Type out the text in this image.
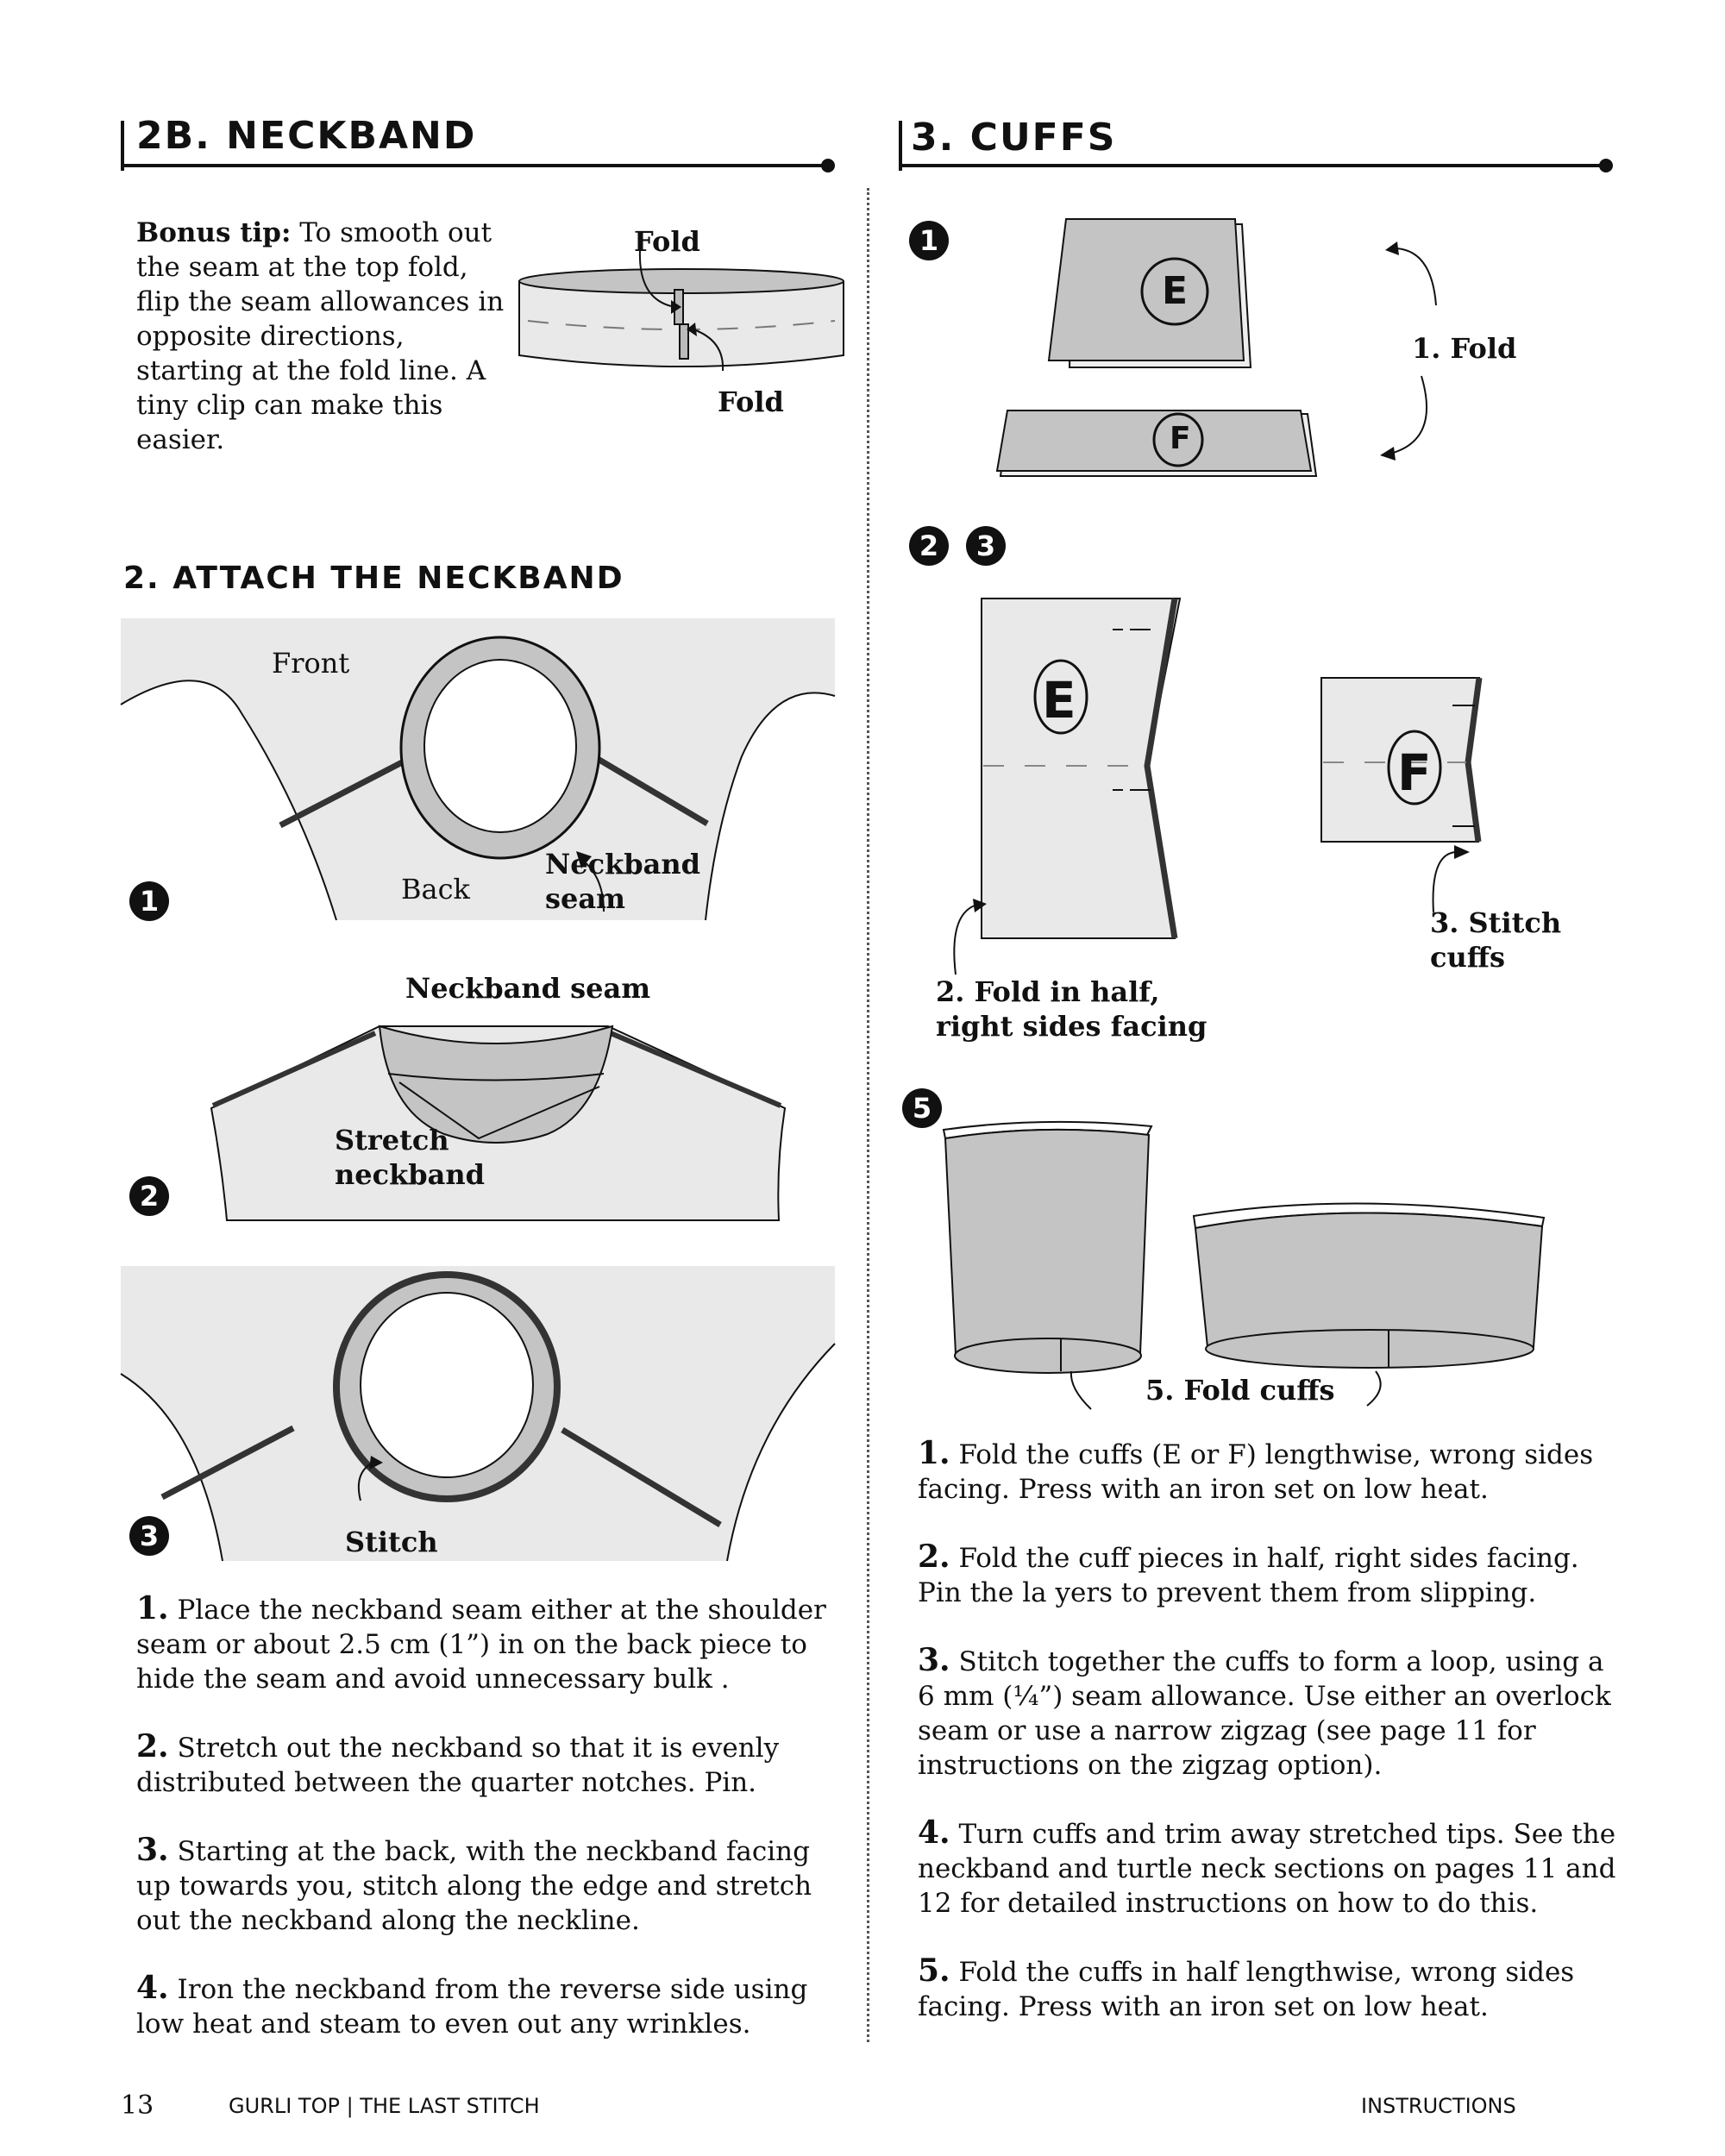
2B. NECKBAND
Bonus tip: To smooth out the seam at the top fold, flip the seam allowances in opposite directions, starting at the fold line. A tiny clip can make this easier.
Fold
Fold
2. ATTACH THE NECKBAND
1
Front
Back
Neckband seam
Neckband seam
Stretch neckband
2
3	Stitch
1. Place the neckband seam either at the shoulder seam or about 2.5 cm (1”) in on the back piece to hide the seam and avoid unnecessary bulk .
2. Stretch out the neckband so that it is evenly distributed between the quarter notches. Pin.
3. Starting at the back, with the neckband facing up towards you, stitch along the edge and stretch out the neckband along the neckline.
4. Iron the neckband from the reverse side using low heat and steam to even out any wrinkles.
3. CUFFS
1
E
F
1. Fold
2	3
E
F
2. Fold in half,
right sides facing
3. Stitch
cuffs
5
5. Fold cuffs
1. Fold the cuffs (E or F) lengthwise, wrong sides facing. Press with an iron set on low heat.
2. Fold the cuff pieces in half, right sides facing. Pin the la yers to prevent them from slipping.
3. Stitch together the cuffs to form a loop, using a 6 mm (¼”) seam allowance. Use either an overlock seam or use a narrow zigzag (see page 11 for instructions on the zigzag option).
4. Turn cuffs and trim away stretched tips. See the neckband and turtle neck sections on pages 11 and 12 for detailed instructions on how to do this.
5. Fold the cuffs in half lengthwise, wrong sides facing. Press with an iron set on low heat.
13	GURLI TOP | THE LAST STITCH	INSTRUCTIONS
